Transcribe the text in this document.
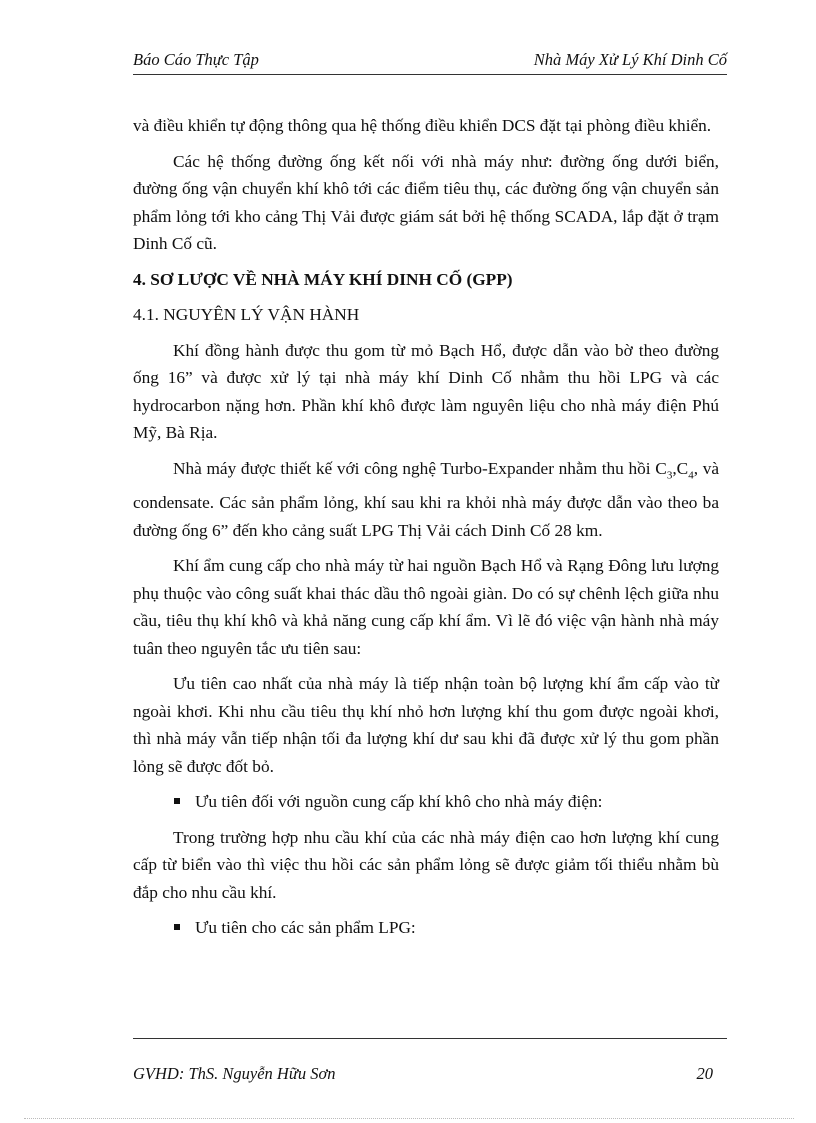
Báo Cáo Thực Tập	Nhà Máy Xử Lý Khí Dinh Cố

và điều khiển tự động thông qua hệ thống điều khiển DCS đặt tại phòng điều khiển.

Các hệ thống đường ống kết nối với nhà máy như: đường ống dưới biển, đường ống vận chuyển khí khô tới các điểm tiêu thụ, các đường ống vận chuyển sản phẩm lỏng tới kho cảng Thị Vải được giám sát bởi hệ thống SCADA, lắp đặt ở trạm Dinh Cố cũ.

4. SƠ LƯỢC VỀ NHÀ MÁY KHÍ DINH CỐ (GPP)
4.1. NGUYÊN LÝ VẬN HÀNH

Khí đồng hành được thu gom từ mỏ Bạch Hổ, được dẫn vào bờ theo đường ống 16” và được xử lý tại nhà máy khí Dinh Cố nhằm thu hồi LPG và các hydrocarbon nặng hơn. Phần khí khô được làm nguyên liệu cho nhà máy điện Phú Mỹ, Bà Rịa.

Nhà máy được thiết kế với công nghệ Turbo-Expander nhằm thu hồi $C_3,C_4$, và condensate. Các sản phẩm lỏng, khí sau khi ra khỏi nhà máy được dẫn vào theo ba đường ống 6” đến kho cảng suất LPG Thị Vải cách Dinh Cố 28 km.

Khí ẩm cung cấp cho nhà máy từ hai nguồn Bạch Hổ và Rạng Đông lưu lượng phụ thuộc vào công suất khai thác dầu thô ngoài giàn. Do có sự chênh lệch giữa nhu cầu, tiêu thụ khí khô và khả năng cung cấp khí ẩm. Vì lẽ đó việc vận hành nhà máy tuân theo nguyên tắc ưu tiên sau:

Ưu tiên cao nhất của nhà máy là tiếp nhận toàn bộ lượng khí ẩm cấp vào từ ngoài khơi. Khi nhu cầu tiêu thụ khí nhỏ hơn lượng khí thu gom được ngoài khơi, thì nhà máy vẫn tiếp nhận tối đa lượng khí dư sau khi đã được xử lý thu gom phần lỏng sẽ được đốt bỏ.

Ưu tiên đối với nguồn cung cấp khí khô cho nhà máy điện:

Trong trường hợp nhu cầu khí của các nhà máy điện cao hơn lượng khí cung cấp từ biển vào thì việc thu hồi các sản phẩm lỏng sẽ được giảm tối thiểu nhằm bù đắp cho nhu cầu khí.

Ưu tiên cho các sản phẩm LPG:
GVHD: ThS. Nguyễn Hữu Sơn	20
